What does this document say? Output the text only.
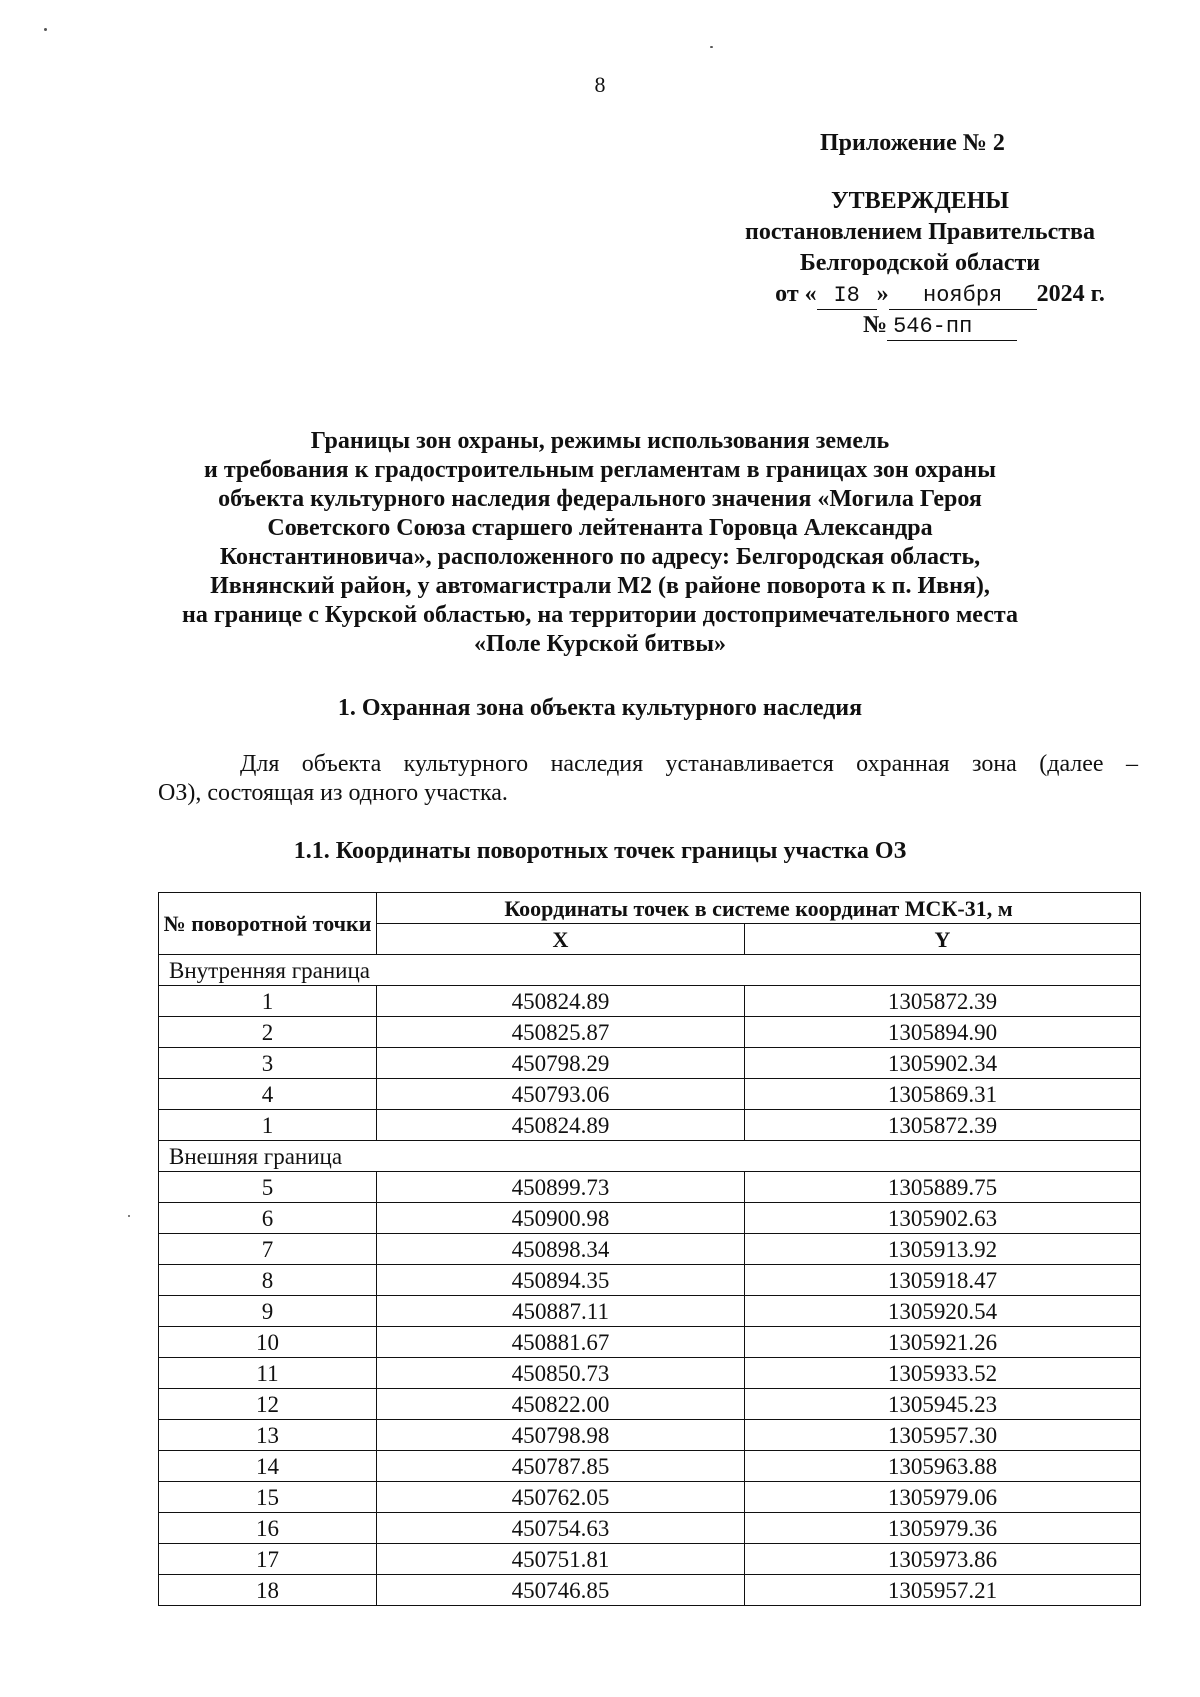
8
Приложение № 2
УТВЕРЖДЕНЫ
постановлением Правительства
Белгородской области
от « I8 » ноября 2024 г.
№ 546-пп
Границы зон охраны, режимы использования земель
и требования к градостроительным регламентам в границах зон охраны
объекта культурного наследия федерального значения «Могила Героя
Советского Союза старшего лейтенанта Горовца Александра
Константиновича», расположенного по адресу: Белгородская область,
Ивнянский район, у автомагистрали М2 (в районе поворота к п. Ивня),
на границе с Курской областью, на территории достопримечательного места
«Поле Курской битвы»
1. Охранная зона объекта культурного наследия
Для объекта культурного наследия устанавливается охранная зона (далее –
ОЗ), состоящая из одного участка.
1.1. Координаты поворотных точек границы участка ОЗ
№ поворотной точки	Координаты точек в системе координат МСК-31, м	
	X	Y
Внутренняя граница		
1	450824.89	1305872.39
2	450825.87	1305894.90
3	450798.29	1305902.34
4	450793.06	1305869.31
1	450824.89	1305872.39
Внешняя граница		
5	450899.73	1305889.75
6	450900.98	1305902.63
7	450898.34	1305913.92
8	450894.35	1305918.47
9	450887.11	1305920.54
10	450881.67	1305921.26
11	450850.73	1305933.52
12	450822.00	1305945.23
13	450798.98	1305957.30
14	450787.85	1305963.88
15	450762.05	1305979.06
16	450754.63	1305979.36
17	450751.81	1305973.86
18	450746.85	1305957.21
